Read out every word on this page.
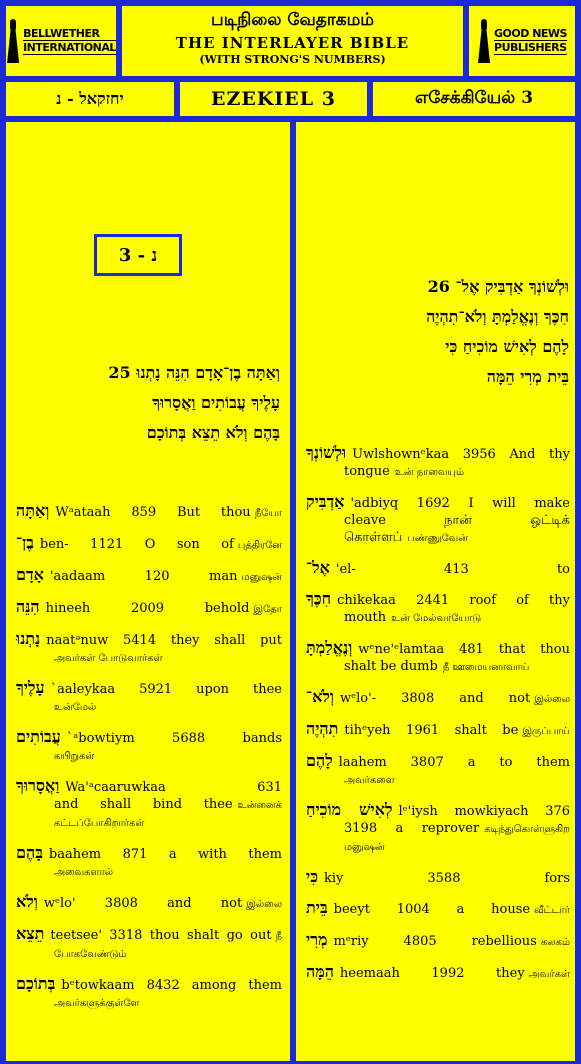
BELLWETHER
INTERNATIONAL
படிநிலை வேதாகமம்
THE INTERLAYER BIBLE
(WITH STRONG'S NUMBERS)
GOOD NEWS
PUBLISHERS
יחזקאל - נ	EZEKIEL 3	எசேக்கியேல் 3
3 - נ
25 וְאַתָּה בֶן־אָדָם הִנֵּה נָתְנוּ
עָלֶיךָ עֲבוֹתִים וַאֲסָרוּךָ
בָּהֶם וְלֹא תֵצֵא בְּתוֹכָם
וְאַתָּה Wᵃataah 859 But thou நீயோ
בֶן־ ben- 1121 O son of புத்திரனே
אָדָם 'aadaam 120 man மனுஷன்
הִנֵּה hineeh 2009 behold இதோ
נָתְנוּ naatᵊnuw 5414 they shall put
அவர்கள் போடுவார்கள்
עָלֶיךָ `aaleykaa 5921 upon thee
உன்மேல்
עֲבוֹתִים `ᵃbowtiym 5688 bands
கயிறுகள்
וַאֲסָרוּךָ Wa'ᵃcaaruwkaa 631
and shall bind thee உன்னைக் கட்டப்போகிறார்கள்
בָּהֶם baahem 871 a with them
அவைகளால்
וְלֹא wᵉlo' 3808 and not இல்லை
תֵצֵא teetsee' 3318 thou shalt go out நீ
போகவேண்டும்
בְּתוֹכָם bᵉtowkaam 8432 among them
அவர்களுக்குள்ளே
26 וּלְשׁוֹנְךָ אַדְבִּיק אֶל־
חִכֶּךָ וְנֶאֱלַמְתָּ וְלֹא־תִהְיֶה
לָהֶם לְאִישׁ מוֹכִיחַ כִּי
בֵּית מְרִי הֵמָּה
וּלְשׁוֹנְךָ Uwlshownᵉkaa 3956 And thy
tongue உன் நாவையும்
אַדְבִּיק 'adbiyq 1692 I will make
cleave நான் ஒட்டிக் கொள்ளப் பண்ணுவேன்
אֶל־ 'el- 413 to
חִכֶּךָ chikekaa 2441 roof of thy
mouth உன் மேல்வாயோடு
וְנֶאֱלַמְתָּ wᵉne'ᵉlamtaa 481 that thou
shalt be dumb நீ ஊமையனாவாய்
וְלֹא־ wᵉlo'- 3808 and not இல்லை
תִהְיֶה tihᵉyeh 1961 shalt be இருப்பாய்
לָהֶם laahem 3807 a to them
அவர்களை
לְאִישׁ מוֹכִיחַ lᵉ'iysh mowkiyach 376
3198 a reprover கடிந்துகொள்ளுகிற மனுஷன்
כִּי kiy 3588 fors
בֵּית beeyt 1004 a house வீட்டார்
מְרִי mᵉriy 4805 rebellious கலகம்
הֵמָּה heemaah 1992 they அவர்கள்
